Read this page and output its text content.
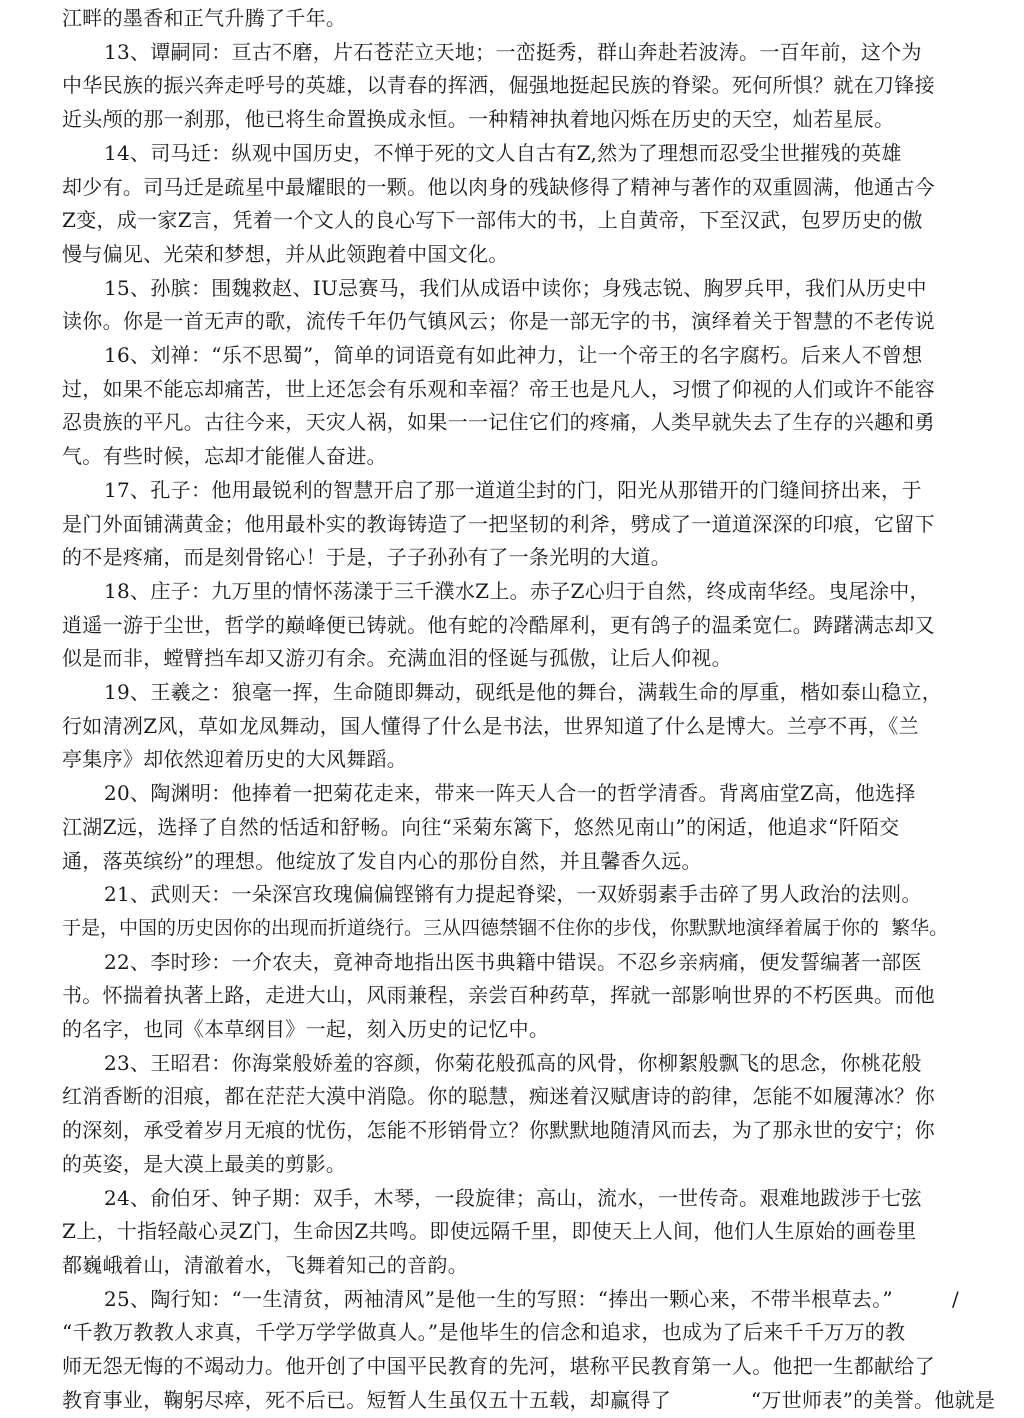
江畔的墨香和正气升腾了千年。
13、谭嗣同：亘古不磨，片石苍茫立天地；一峦挺秀，群山奔赴若波涛。一百年前，这个为
中华民族的振兴奔走呼号的英雄，以青春的挥洒，倔强地挺起民族的脊梁。死何所惧？就在刀锋接
近头颅的那一刹那，他已将生命置换成永恒。一种精神执着地闪烁在历史的天空，灿若星辰。
14、司马迁：纵观中国历史，不惮于死的文人自古有Z,然为了理想而忍受尘世摧残的英雄
却少有。司马迁是疏星中最耀眼的一颗。他以肉身的残缺修得了精神与著作的双重圆满，他通古今
Z变，成一家Z言，凭着一个文人的良心写下一部伟大的书，上自黄帝，下至汉武，包罗历史的傲
慢与偏见、光荣和梦想，并从此领跑着中国文化。
15、孙膑：围魏救赵、IU忌赛马，我们从成语中读你；身残志锐、胸罗兵甲，我们从历史中
读你。你是一首无声的歌，流传千年仍气镇风云；你是一部无字的书，演绎着关于智慧的不老传说
16、刘禅：“乐不思蜀”，简单的词语竟有如此神力，让一个帝王的名字腐朽。后来人不曾想
过，如果不能忘却痛苦，世上还怎会有乐观和幸福？帝王也是凡人，习惯了仰视的人们或许不能容
忍贵族的平凡。古往今来，天灾人祸，如果一一记住它们的疼痛，人类早就失去了生存的兴趣和勇
气。有些时候，忘却才能催人奋进。
17、孔子：他用最锐利的智慧开启了那一道道尘封的门，阳光从那错开的门缝间挤出来，于
是门外面铺满黄金；他用最朴实的教诲铸造了一把坚韧的利斧，劈成了一道道深深的印痕，它留下
的不是疼痛，而是刻骨铭心！于是，子子孙孙有了一条光明的大道。
18、庄子：九万里的情怀荡漾于三千濮水Z上。赤子Z心归于自然，终成南华经。曳尾涂中，
逍遥一游于尘世，哲学的巅峰便已铸就。他有蛇的冷酷犀利，更有鸽子的温柔宽仁。踌躇满志却又
似是而非，螳臂挡车却又游刃有余。充满血泪的怪诞与孤傲，让后人仰视。
19、王羲之：狼毫一挥，生命随即舞动，砚纸是他的舞台，满载生命的厚重，楷如泰山稳立，
行如清冽Z风，草如龙凤舞动，国人懂得了什么是书法，世界知道了什么是博大。兰亭不再，《兰
亭集序》却依然迎着历史的大风舞蹈。
20、陶渊明：他捧着一把菊花走来，带来一阵天人合一的哲学清香。背离庙堂Z高，他选择
江湖Z远，选择了自然的恬适和舒畅。向往“采菊东篱下，悠然见南山”的闲适，他追求“阡陌交
通，落英缤纷”的理想。他绽放了发自内心的那份自然，并且馨香久远。
21、武则天：一朵深宫玫瑰偏偏铿锵有力提起脊梁，一双娇弱素手击碎了男人政治的法则。
于是，中国的历史因你的出现而折道绕行。三从四德禁锢不住你的步伐，你默默地演绎着属于你的  繁华。
22、李时珍：一介农夫，竟神奇地指出医书典籍中错误。不忍乡亲病痛，便发誓编著一部医
书。怀揣着执著上路，走进大山，风雨兼程，亲尝百种药草，挥就一部影响世界的不朽医典。而他
的名字，也同《本草纲目》一起，刻入历史的记忆中。
23、王昭君：你海棠般娇羞的容颜，你菊花般孤高的风骨，你柳絮般飘飞的思念，你桃花般
红消香断的泪痕，都在茫茫大漠中消隐。你的聪慧，痴迷着汉赋唐诗的韵律，怎能不如履薄冰？你
的深刻，承受着岁月无痕的忧伤，怎能不形销骨立？你默默地随清风而去，为了那永世的安宁；你
的英姿，是大漠上最美的剪影。
24、俞伯牙、钟子期：双手，木琴，一段旋律；高山，流水，一世传奇。艰难地跋涉于七弦
Z上，十指轻敲心灵Z门，生命因Z共鸣。即使远隔千里，即使天上人间，他们人生原始的画卷里
都巍峨着山，清澈着水，飞舞着知己的音韵。
25、陶行知：“一生清贫，两袖清风”是他一生的写照：“捧出一颗心来，不带半根草去。”
“千教万教教人求真，千学万学学做真人。”是他毕生的信念和追求，也成为了后来千千万万的教
师无怨无悔的不竭动力。他开创了中国平民教育的先河，堪称平民教育第一人。他把一生都献给了
教育事业，鞠躬尽瘁，死不后已。短暂人生虽仅五十五载，却赢得了            “万世师表”的美誉。他就是
/
